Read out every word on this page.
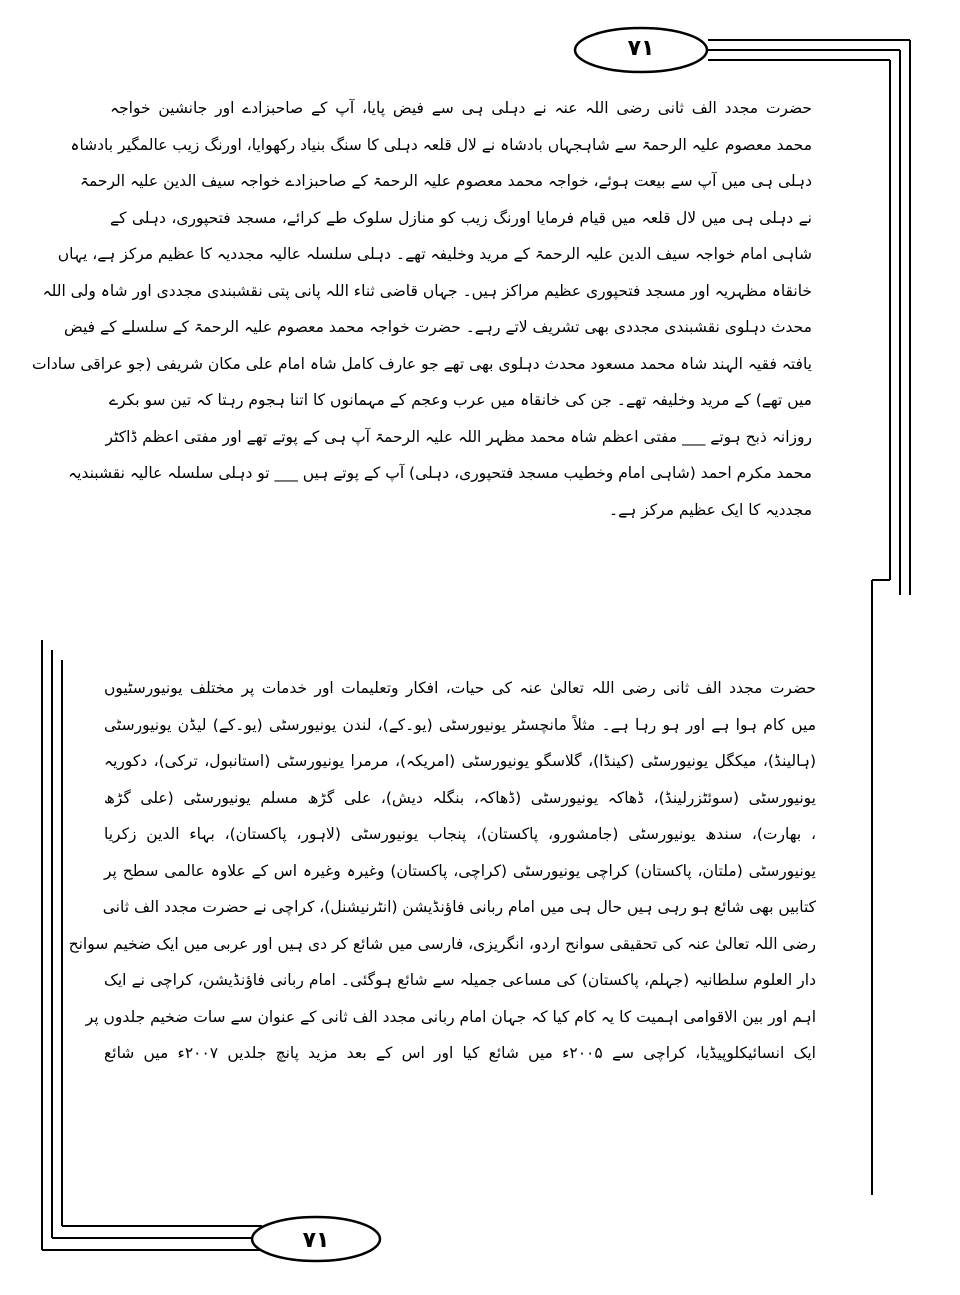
۷۱
۷۱
حضرت مجدد الف ثانی رضی اللہ عنہ نے دہلی ہی سے فیض پایا، آپ کے صاحبزادے اور جانشین خواجہ
محمد معصوم علیہ الرحمۃ سے شاہجہاں بادشاہ نے لال قلعہ دہلی کا سنگ بنیاد رکھوایا، اورنگ زیب عالمگیر بادشاہ
دہلی ہی میں آپ سے بیعت ہوئے، خواجہ محمد معصوم علیہ الرحمۃ کے صاحبزادے خواجہ سیف الدین علیہ الرحمۃ
نے دہلی ہی میں لال قلعہ میں قیام فرمایا اورنگ زیب کو منازل سلوک طے کرائے، مسجد فتحپوری، دہلی کے
شاہی امام خواجہ سیف الدین علیہ الرحمۃ کے مرید وخلیفہ تھے۔ دہلی سلسلہ عالیہ مجددیہ کا عظیم مرکز ہے، یہاں
خانقاہ مظہریہ اور مسجد فتحپوری عظیم مراکز ہیں۔ جہاں قاضی ثناء اللہ پانی پتی نقشبندی مجددی اور شاہ ولی اللہ
محدث دہلوی نقشبندی مجددی بھی تشریف لاتے رہے۔ حضرت خواجہ محمد معصوم علیہ الرحمۃ کے سلسلے کے فیض
یافتہ فقیہ الہند شاہ محمد مسعود محدث دہلوی بھی تھے جو عارف کامل شاہ امام علی مکان شریفی (جو عراقی سادات
میں تھے) کے مرید وخلیفہ تھے۔ جن کی خانقاہ میں عرب وعجم کے مہمانوں کا اتنا ہجوم رہتا کہ تین سو بکرے
روزانہ ذبح ہوتے ___ مفتی اعظم شاہ محمد مظہر اللہ علیہ الرحمۃ آپ ہی کے پوتے تھے اور مفتی اعظم ڈاکٹر
محمد مکرم احمد (شاہی امام وخطیب مسجد فتحپوری، دہلی) آپ کے پوتے ہیں ___ تو دہلی سلسلہ عالیہ نقشبندیہ
مجددیہ کا ایک عظیم مرکز ہے۔
حضرت مجدد الف ثانی رضی اللہ تعالیٰ عنہ کی حیات، افکار وتعلیمات اور خدمات پر مختلف یونیورسٹیوں
میں کام ہوا ہے اور ہو رہا ہے۔ مثلاً مانچسٹر یونیورسٹی (یو۔کے)، لندن یونیورسٹی (یو۔کے) لیڈن یونیورسٹی
(ہالینڈ)، میکگل یونیورسٹی (کینڈا)، گلاسگو یونیورسٹی (امریکہ)، مرمرا یونیورسٹی (استانبول، ترکی)، دکوریہ
یونیورسٹی (سوئٹزرلینڈ)، ڈھاکہ یونیورسٹی (ڈھاکہ، بنگلہ دیش)، علی گڑھ مسلم یونیورسٹی (علی گڑھ
، بھارت)، سندھ یونیورسٹی (جامشورو، پاکستان)، پنجاب یونیورسٹی (لاہور، پاکستان)، بہاء الدین زکریا
یونیورسٹی (ملتان، پاکستان) کراچی یونیورسٹی (کراچی، پاکستان) وغیرہ وغیرہ اس کے علاوہ عالمی سطح پر
کتابیں بھی شائع ہو رہی ہیں حال ہی میں امام ربانی فاؤنڈیشن (انٹرنیشنل)، کراچی نے حضرت مجدد الف ثانی
رضی اللہ تعالیٰ عنہ کی تحقیقی سوانح اردو، انگریزی، فارسی میں شائع کر دی ہیں اور عربی میں ایک ضخیم سوانح
دار العلوم سلطانیہ (جہلم، پاکستان) کی مساعی جمیلہ سے شائع ہوگئی۔ امام ربانی فاؤنڈیشن، کراچی نے ایک
اہم اور بین الاقوامی اہمیت کا یہ کام کیا کہ جہان امام ربانی مجدد الف ثانی کے عنوان سے سات ضخیم جلدوں پر
ایک انسائیکلوپیڈیا، کراچی سے ۲۰۰۵ء میں شائع کیا اور اس کے بعد مزید پانچ جلدیں ۲۰۰۷ء میں شائع
